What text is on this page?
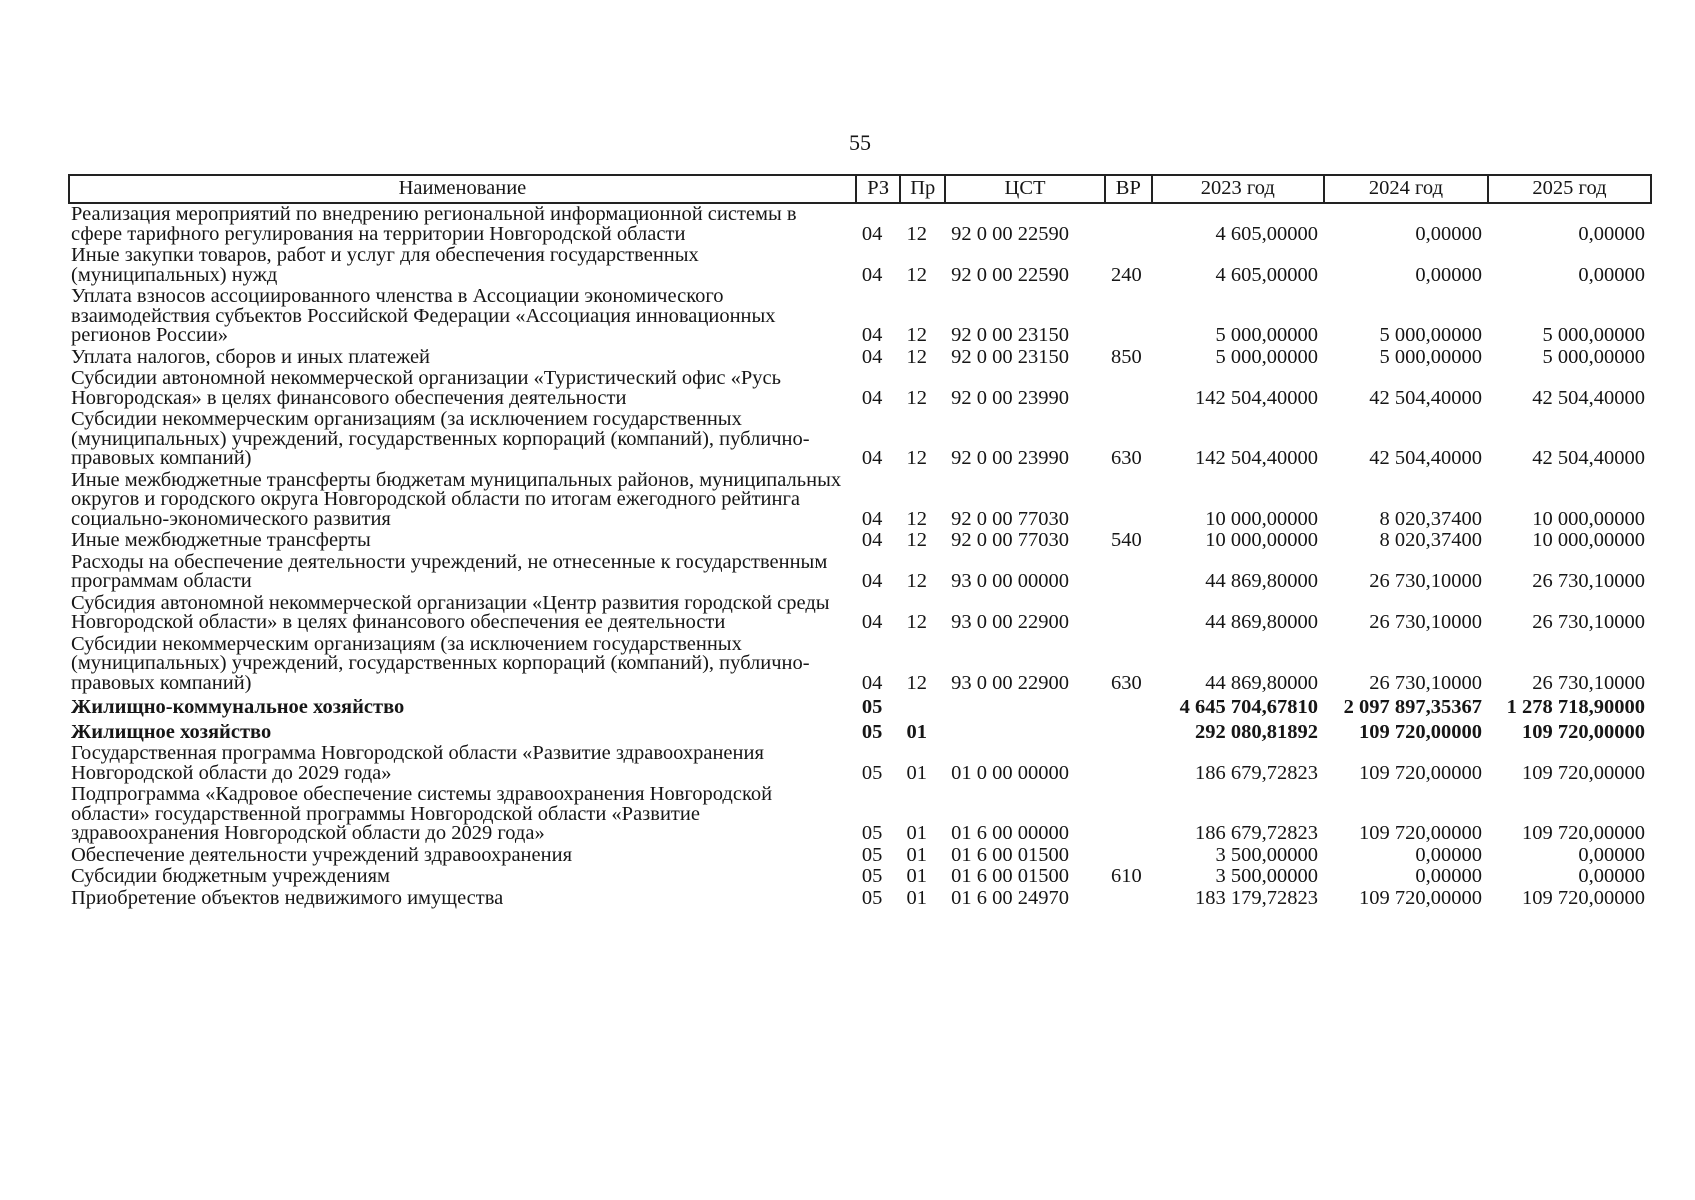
55
Наименование	РЗ	Пр	ЦСТ	ВР	2023 год	2024 год	2025 год
Реализация мероприятий по внедрению региональной информационной системы в сфере тарифного регулирования на территории Новгородской области	04	12	92 0 00 22590		4 605,00000	0,00000	0,00000
Иные закупки товаров, работ и услуг для обеспечения государственных (муниципальных) нужд	04	12	92 0 00 22590	240	4 605,00000	0,00000	0,00000
Уплата взносов ассоциированного членства в Ассоциации экономического взаимодействия субъектов Российской Федерации «Ассоциация инновационных регионов России»	04	12	92 0 00 23150		5 000,00000	5 000,00000	5 000,00000
Уплата налогов, сборов и иных платежей	04	12	92 0 00 23150	850	5 000,00000	5 000,00000	5 000,00000
Субсидии автономной некоммерческой организации «Туристический офис «Русь Новгородская» в целях финансового обеспечения деятельности	04	12	92 0 00 23990		142 504,40000	42 504,40000	42 504,40000
Субсидии некоммерческим организациям (за исключением государственных (муниципальных) учреждений, государственных корпораций (компаний), публично-правовых компаний)	04	12	92 0 00 23990	630	142 504,40000	42 504,40000	42 504,40000
Иные межбюджетные трансферты бюджетам муниципальных районов, муниципальных округов и городского округа Новгородской области по итогам ежегодного рейтинга социально-экономического развития	04	12	92 0 00 77030		10 000,00000	8 020,37400	10 000,00000
Иные межбюджетные трансферты	04	12	92 0 00 77030	540	10 000,00000	8 020,37400	10 000,00000
Расходы на обеспечение деятельности учреждений, не отнесенные к государственным программам области	04	12	93 0 00 00000		44 869,80000	26 730,10000	26 730,10000
Субсидия автономной некоммерческой организации «Центр развития городской среды Новгородской области» в целях финансового обеспечения ее деятельности	04	12	93 0 00 22900		44 869,80000	26 730,10000	26 730,10000
Субсидии некоммерческим организациям (за исключением государственных (муниципальных) учреждений, государственных корпораций (компаний), публично-правовых компаний)	04	12	93 0 00 22900	630	44 869,80000	26 730,10000	26 730,10000
Жилищно-коммунальное хозяйство	05				4 645 704,67810	2 097 897,35367	1 278 718,90000
Жилищное хозяйство	05	01			292 080,81892	109 720,00000	109 720,00000
Государственная программа Новгородской области «Развитие здравоохранения Новгородской области до 2029 года»	05	01	01 0 00 00000		186 679,72823	109 720,00000	109 720,00000
Подпрограмма «Кадровое обеспечение системы здравоохранения Новгородской области» государственной программы Новгородской области «Развитие здравоохранения Новгородской области до 2029 года»	05	01	01 6 00 00000		186 679,72823	109 720,00000	109 720,00000
Обеспечение деятельности учреждений здравоохранения	05	01	01 6 00 01500		3 500,00000	0,00000	0,00000
Субсидии бюджетным учреждениям	05	01	01 6 00 01500	610	3 500,00000	0,00000	0,00000
Приобретение объектов недвижимого имущества	05	01	01 6 00 24970		183 179,72823	109 720,00000	109 720,00000
